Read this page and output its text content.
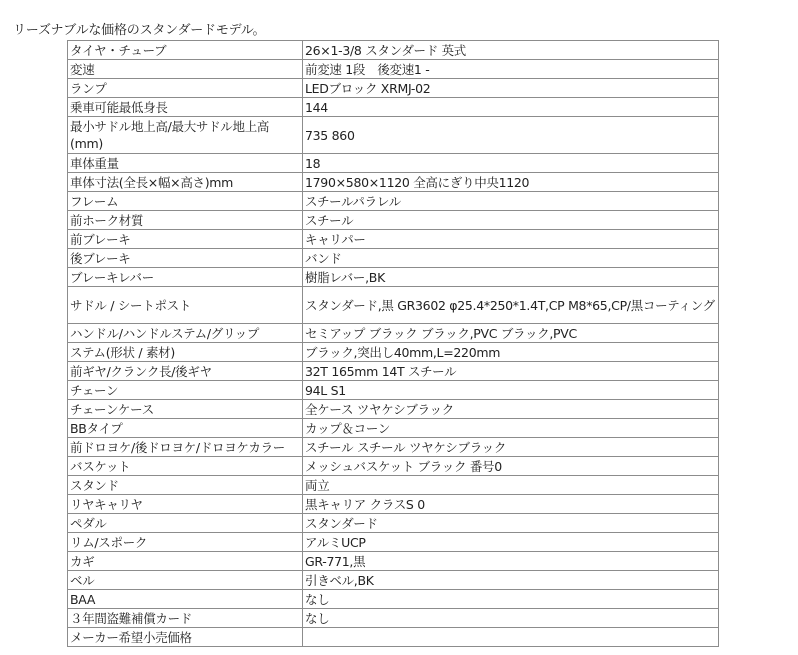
リーズナブルな価格のスタンダードモデル。
タイヤ・チューブ	26×1-3/8 スタンダード 英式
変速	前変速 1段　後変速1 -
ランプ	LEDブロック XRMJ-02
乗車可能最低身長	144
最小サドル地上高/最大サドル地上高(mm)	735 860
車体重量	18
車体寸法(全長×幅×高さ)mm	1790×580×1120 全高にぎり中央1120
フレーム	スチールパラレル
前ホーク材質	スチール
前ブレーキ	キャリパー
後ブレーキ	バンド
ブレーキレバー	樹脂レバー,BK
サドル / シートポスト	スタンダード,黒 GR3602 φ25.4*250*1.4T,CP M8*65,CP/黒コーティング
ハンドル/ハンドルステム/グリップ	セミアップ ブラック ブラック,PVC ブラック,PVC
ステム(形状 / 素材)	ブラック,突出し40mm,L=220mm
前ギヤ/クランク長/後ギヤ	32T 165mm 14T スチール
チェーン	94L S1
チェーンケース	全ケース ツヤケシブラック
BBタイプ	カップ＆コーン
前ドロヨケ/後ドロヨケ/ドロヨケカラー	スチール スチール ツヤケシブラック
バスケット	メッシュバスケット ブラック 番号0
スタンド	両立
リヤキャリヤ	黒キャリア クラスS 0
ペダル	スタンダード
リム/スポーク	アルミUCP
カギ	GR-771,黒
ベル	引きベル,BK
BAA	なし
３年間盗難補償カード	なし
メーカー希望小売価格	
